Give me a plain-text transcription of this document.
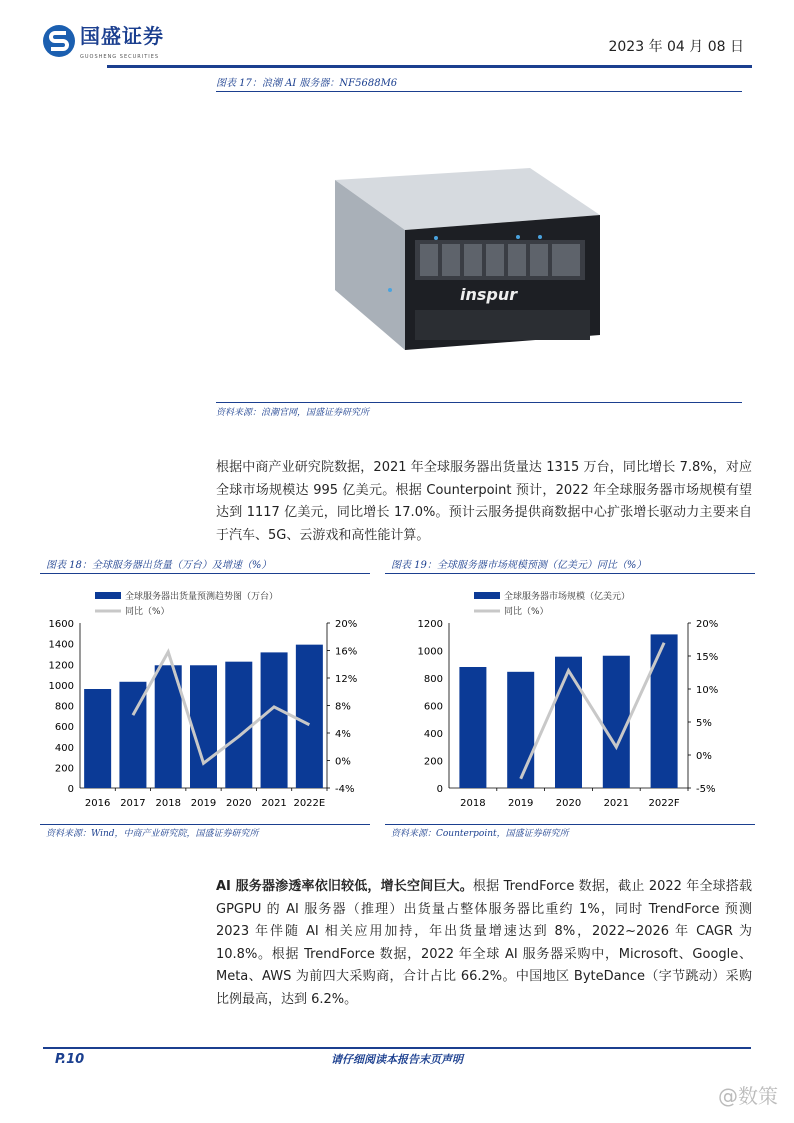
国盛证券
GUOSHENG SECURITIES
2023 年 04 月 08 日
图表 17：浪潮 AI 服务器：NF5688M6
inspur
资料来源：浪潮官网，国盛证券研究所
根据中商产业研究院数据，2021 年全球服务器出货量达 1315 万台，同比增长 7.8%，对应全球市场规模达 995 亿美元。根据 Counterpoint 预计，2022 年全球服务器市场规模有望达到 1117 亿美元，同比增长 17.0%。预计云服务提供商数据中心扩张增长驱动力主要来自于汽车、5G、云游戏和高性能计算。
图表 18：全球服务器出货量（万台）及增速（%）
全球服务器出货量预测趋势图（万台）
同比（%）
0
200
400
600
800
1000
1200
1400
1600
-4%
0%
4%
8%
12%
16%
20%
2016 2017 2018 2019 2020 2021 2022E
资料来源：Wind，中商产业研究院，国盛证券研究所
图表 19：全球服务器市场规模预测（亿美元）同比（%）
全球服务器市场规模（亿美元）
同比（%）
0
200
400
600
800
1000
1200
-5%
0%
5%
10%
15%
20%
2018 2019 2020 2021 2022F
资料来源：Counterpoint，国盛证券研究所
AI 服务器渗透率依旧较低，增长空间巨大。根据 TrendForce 数据，截止 2022 年全球搭载 GPGPU 的 AI 服务器（推理）出货量占整体服务器比重约 1%，同时 TrendForce 预测 2023 年伴随 AI 相关应用加持，年出货量增速达到 8%，2022~2026 年 CAGR 为 10.8%。根据 TrendForce 数据，2022 年全球 AI 服务器采购中，Microsoft、Google、Meta、AWS 为前四大采购商，合计占比 66.2%。中国地区 ByteDance（字节跳动）采购比例最高，达到 6.2%。
P.10	请仔细阅读本报告末页声明
@数策
